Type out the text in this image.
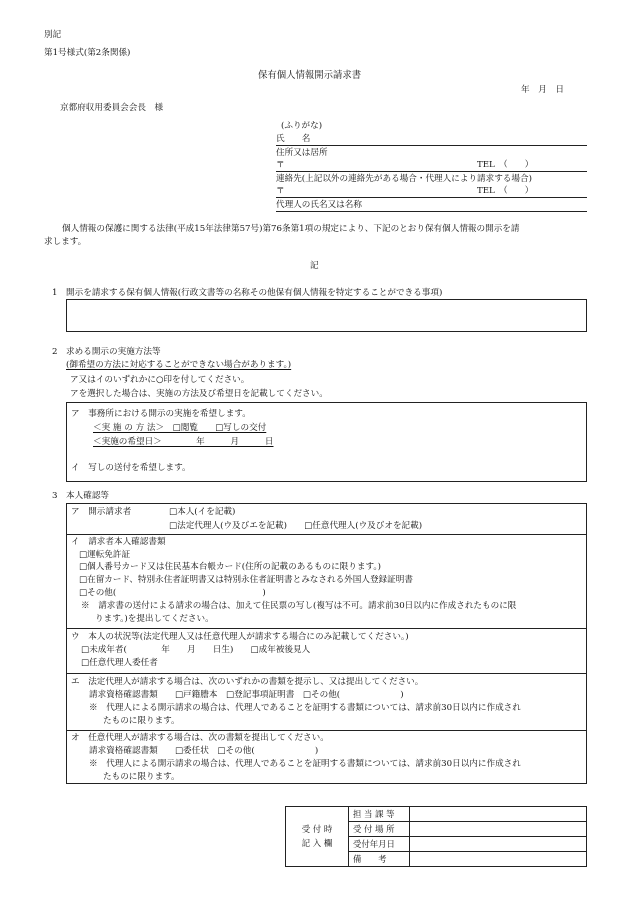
別記
第1号様式(第2条関係)
保有個人情報開示請求書
年　月　日
京都府収用委員会会長　様
(ふりがな)
氏　　名
住所又は居所
〒	TEL　（　　）
連絡先(上記以外の連絡先がある場合・代理人により請求する場合)
〒	TEL　（　　）
代理人の氏名又は名称
個人情報の保護に関する法律(平成15年法律第57号)第76条第1項の規定により、下記のとおり保有個人情報の開示を請
求します。
記
1　開示を請求する保有個人情報(行政文書等の名称その他保有個人情報を特定することができる事項)
2　求める開示の実施方法等
(御希望の方法に対応することができない場合があります。)
ア又はイのいずれかに○印を付してください。
アを選択した場合は、実施の方法及び希望日を記載してください。
ア　事務所における開示の実施を希望します。
＜実 施 の 方 法＞　□閲覧　　□写しの交付
＜実施の希望日＞　　　　年　　　月　　　日
イ　写しの送付を希望します。
3　本人確認等
ア　開示請求者	□本人(イを記載)
□法定代理人(ウ及びエを記載)　　□任意代理人(ウ及びオを記載)
イ　請求者本人確認書類
□運転免許証
□個人番号カード又は住民基本台帳カード(住所の記載のあるものに限ります。)
□在留カード、特別永住者証明書又は特別永住者証明書とみなされる外国人登録証明書
□その他(　　　　　　　　　　　　　　　　　)
※　請求書の送付による請求の場合は、加えて住民票の写し(複写は不可。請求前30日以内に作成されたものに限
ります。)を提出してください。
ウ　本人の状況等(法定代理人又は任意代理人が請求する場合にのみ記載してください。)
□未成年者(　　　　年　　月　　日生)　　□成年被後見人
□任意代理人委任者
エ　法定代理人が請求する場合は、次のいずれかの書類を提示し、又は提出してください。
請求資格確認書類　　□戸籍謄本　□登記事項証明書　□その他(　　　　　　　)
※　代理人による開示請求の場合は、代理人であることを証明する書類については、請求前30日以内に作成され
たものに限ります。
オ　任意代理人が請求する場合は、次の書類を提出してください。
請求資格確認書類　　□委任状　□その他(　　　　　　　)
※　代理人による開示請求の場合は、代理人であることを証明する書類については、請求前30日以内に作成され
たものに限ります。
受 付 時
記 入 欄	担 当 課 等	
	受 付 場 所	
	受付年月日	
	備　　考	
